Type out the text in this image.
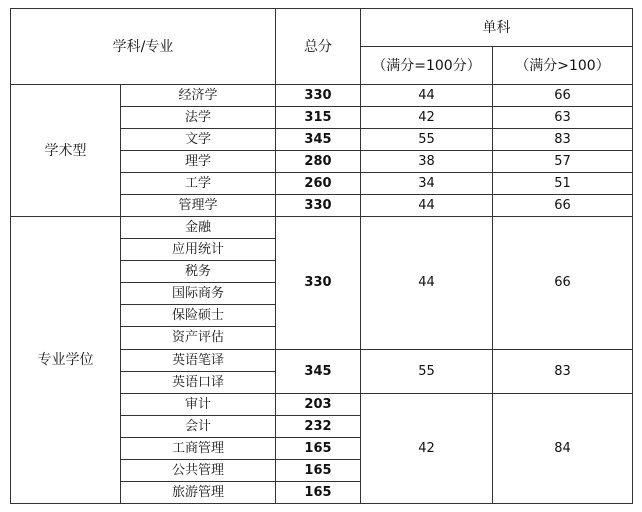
学科/专业		总分	单科	
			（满分=100分）	（满分>100）
学术型	经济学	330	44	66
	法学	315	42	63
	文学	345	55	83
	理学	280	38	57
	工学	260	34	51
	管理学	330	44	66
专业学位	金融	330	44	66
	应用统计			
	税务			
	国际商务			
	保险硕士			
	资产评估			
	英语笔译	345	55	83
	英语口译			
	审计	203	42	84
	会计	232		
	工商管理	165		
	公共管理	165		
	旅游管理	165		
